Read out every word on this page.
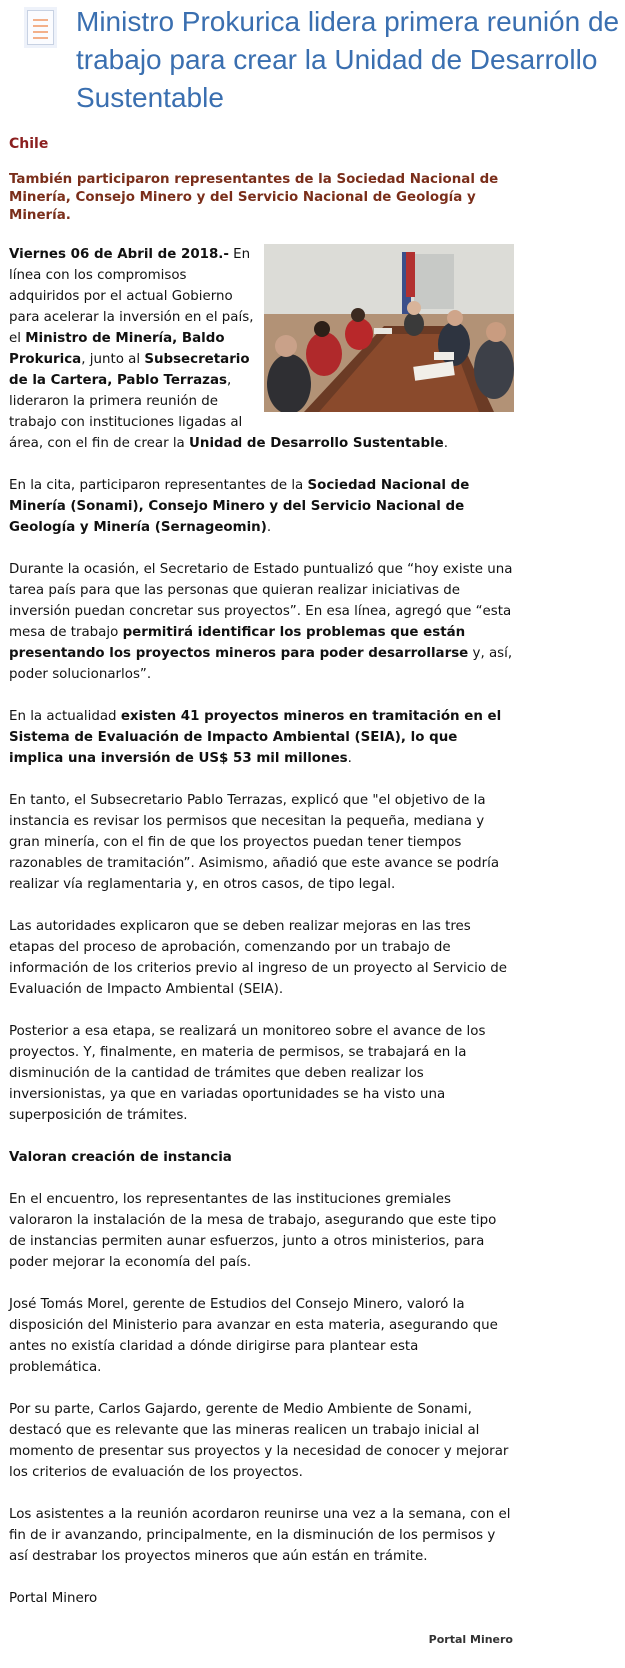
Ministro Prokurica lidera primera reunión de trabajo para crear la Unidad de Desarrollo Sustentable

Chile

También participaron representantes de la Sociedad Nacional de Minería, Consejo Minero y del Servicio Nacional de Geología y Minería.

Viernes 06 de Abril de 2018.- En línea con los compromisos adquiridos por el actual Gobierno para acelerar la inversión en el país, el Ministro de Minería, Baldo Prokurica, junto al Subsecretario de la Cartera, Pablo Terrazas, lideraron la primera reunión de trabajo con instituciones ligadas al área, con el fin de crear la Unidad de Desarrollo Sustentable.

En la cita, participaron representantes de la Sociedad Nacional de Minería (Sonami), Consejo Minero y del Servicio Nacional de Geología y Minería (Sernageomin).

Durante la ocasión, el Secretario de Estado puntualizó que “hoy existe una tarea país para que las personas que quieran realizar iniciativas de inversión puedan concretar sus proyectos”. En esa línea, agregó que “esta mesa de trabajo permitirá identificar los problemas que están presentando los proyectos mineros para poder desarrollarse y, así, poder solucionarlos”.

En la actualidad existen 41 proyectos mineros en tramitación en el Sistema de Evaluación de Impacto Ambiental (SEIA), lo que implica una inversión de US$ 53 mil millones.

En tanto, el Subsecretario Pablo Terrazas, explicó que "el objetivo de la instancia es revisar los permisos que necesitan la pequeña, mediana y gran minería, con el fin de que los proyectos puedan tener tiempos razonables de tramitación”. Asimismo, añadió que este avance se podría realizar vía reglamentaria y, en otros casos, de tipo legal.

Las autoridades explicaron que se deben realizar mejoras en las tres etapas del proceso de aprobación, comenzando por un trabajo de información de los criterios previo al ingreso de un proyecto al Servicio de Evaluación de Impacto Ambiental (SEIA).

Posterior a esa etapa, se realizará un monitoreo sobre el avance de los proyectos. Y, finalmente, en materia de permisos, se trabajará en la disminución de la cantidad de trámites que deben realizar los inversionistas, ya que en variadas oportunidades se ha visto una superposición de trámites.

Valoran creación de instancia

En el encuentro, los representantes de las instituciones gremiales valoraron la instalación de la mesa de trabajo, asegurando que este tipo de instancias permiten aunar esfuerzos, junto a otros ministerios, para poder mejorar la economía del país.

José Tomás Morel, gerente de Estudios del Consejo Minero, valoró la disposición del Ministerio para avanzar en esta materia, asegurando que antes no existía claridad a dónde dirigirse para plantear esta problemática.

Por su parte, Carlos Gajardo, gerente de Medio Ambiente de Sonami, destacó que es relevante que las mineras realicen un trabajo inicial al momento de presentar sus proyectos y la necesidad de conocer y mejorar los criterios de evaluación de los proyectos.

Los asistentes a la reunión acordaron reunirse una vez a la semana, con el fin de ir avanzando, principalmente, en la disminución de los permisos y así destrabar los proyectos mineros que aún están en trámite.

Portal Minero

Portal Minero
